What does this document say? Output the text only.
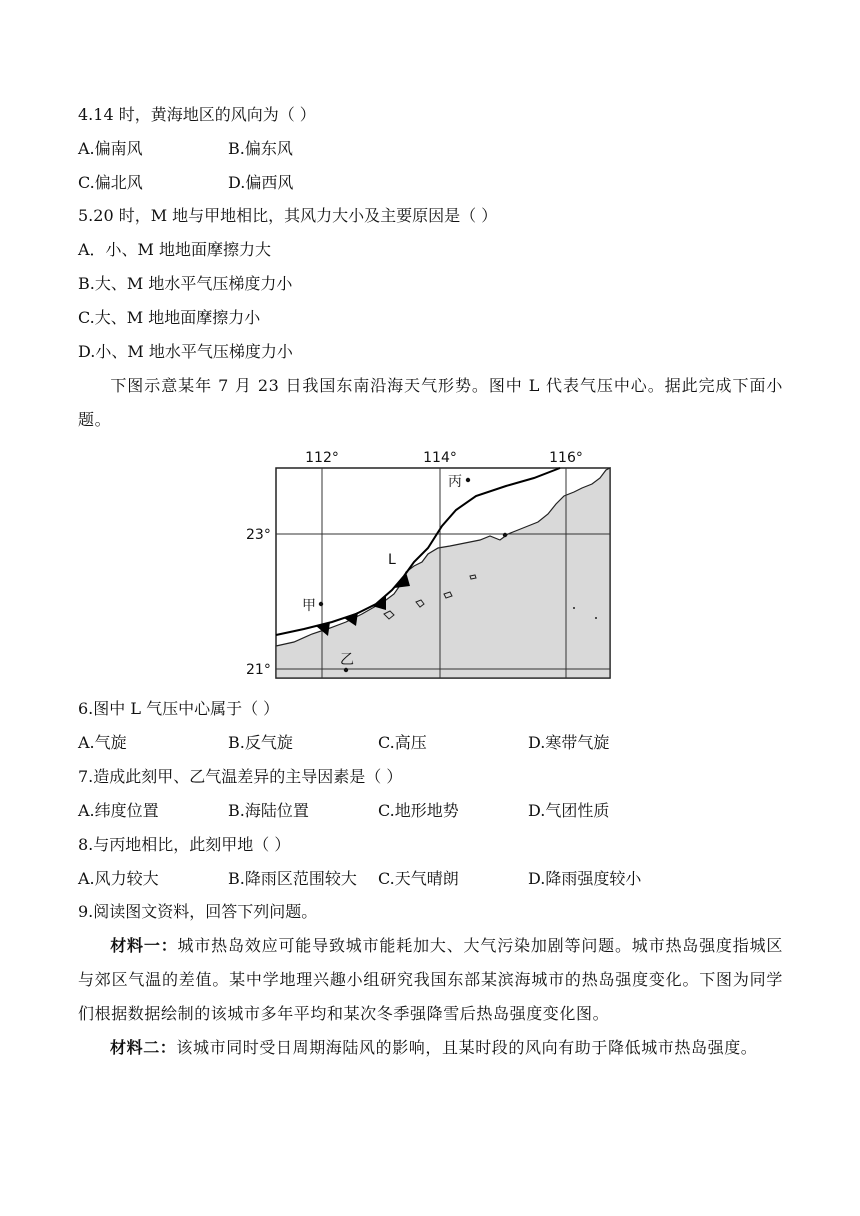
4.14 时，黄海地区的风向为（ ）
A.偏南风	B.偏东风
C.偏北风	D.偏西风
5.20 时，M 地与甲地相比，其风力大小及主要原因是（ ）
A．小、M 地地面摩擦力大
B.大、M 地水平气压梯度力小
C.大、M 地地面摩擦力小
D.小、M 地水平气压梯度力小
下图示意某年 7 月 23 日我国东南沿海天气形势。图中 L 代表气压中心。据此完成下面小题。
112°	114°	116°
23°
21°
丙
甲
乙
L
6.图中 L 气压中心属于（ ）
A.气旋	B.反气旋	C.高压	D.寒带气旋
7.造成此刻甲、乙气温差异的主导因素是（ ）
A.纬度位置	B.海陆位置	C.地形地势	D.气团性质
8.与丙地相比，此刻甲地（ ）
A.风力较大	B.降雨区范围较大 C.天气晴朗	D.降雨强度较小
9.阅读图文资料，回答下列问题。
材料一：城市热岛效应可能导致城市能耗加大、大气污染加剧等问题。城市热岛强度指城区与郊区气温的差值。某中学地理兴趣小组研究我国东部某滨海城市的热岛强度变化。下图为同学们根据数据绘制的该城市多年平均和某次冬季强降雪后热岛强度变化图。
材料二：该城市同时受日周期海陆风的影响，且某时段的风向有助于降低城市热岛强度。
